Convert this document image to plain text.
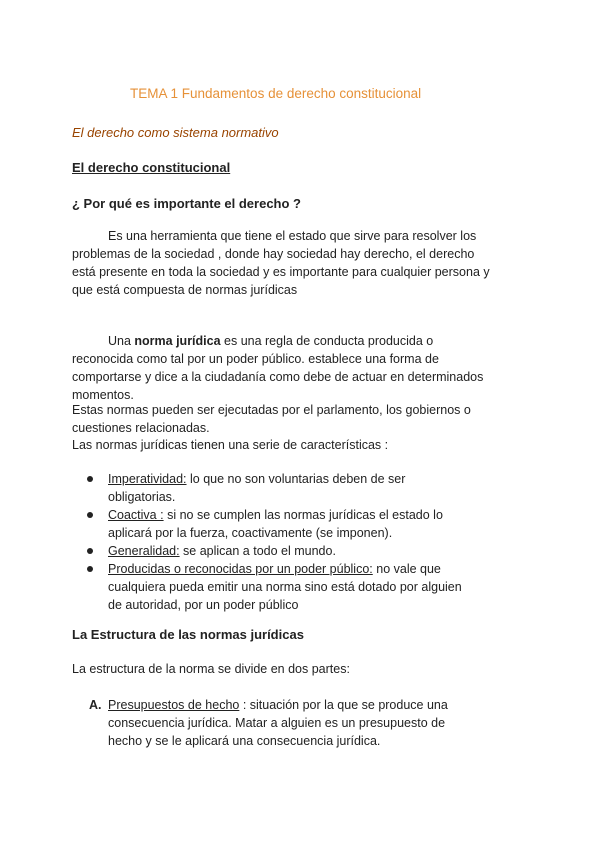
TEMA 1 Fundamentos de derecho constitucional
El derecho como sistema normativo
El derecho constitucional
¿ Por qué es importante el derecho ?

Es una herramienta que tiene el estado que sirve para resolver los problemas de la sociedad , donde hay sociedad hay derecho, el derecho está presente en toda la sociedad y es importante para cualquier persona y que está compuesta de normas jurídicas

Una norma jurídica es una regla de conducta producida o reconocida como tal por un poder público. establece una forma de comportarse y dice a la ciudadanía como debe de actuar en determinados momentos.

Estas normas pueden ser ejecutadas por el parlamento, los gobiernos o cuestiones relacionadas.

Las normas jurídicas tienen una serie de características :

Imperatividad: lo que no son voluntarias deben de ser obligatorias.
Coactiva : si no se cumplen las normas jurídicas el estado lo aplicará por la fuerza, coactivamente (se imponen).
Generalidad: se aplican a todo el mundo.
Producidas o reconocidas por un poder público: no vale que cualquiera pueda emitir una norma sino está dotado por alguien de autoridad, por un poder público
La Estructura de las normas jurídicas

La estructura de la norma se divide en dos partes:

A. Presupuestos de hecho : situación por la que se produce una consecuencia jurídica. Matar a alguien es un presupuesto de hecho y se le aplicará una consecuencia jurídica.
